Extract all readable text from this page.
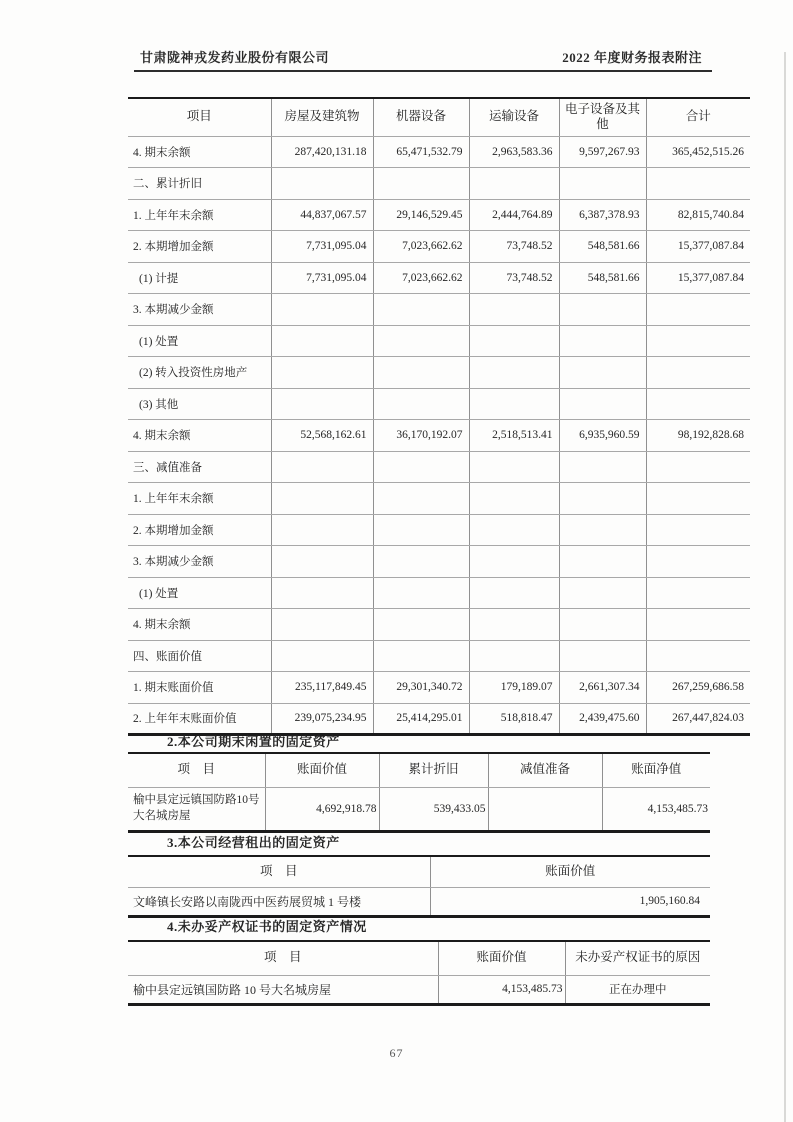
甘肃陇神戎发药业股份有限公司	2022 年度财务报表附注
项目	房屋及建筑物	机器设备	运输设备	电子设备及其他	合计
4. 期末余额	287,420,131.18	65,471,532.79	2,963,583.36	9,597,267.93	365,452,515.26
二、累计折旧					
1. 上年年末余额	44,837,067.57	29,146,529.45	2,444,764.89	6,387,378.93	82,815,740.84
2. 本期增加金额	7,731,095.04	7,023,662.62	73,748.52	548,581.66	15,377,087.84
(1) 计提	7,731,095.04	7,023,662.62	73,748.52	548,581.66	15,377,087.84
3. 本期减少金额					
(1) 处置					
(2) 转入投资性房地产					
(3) 其他					
4. 期末余额	52,568,162.61	36,170,192.07	2,518,513.41	6,935,960.59	98,192,828.68
三、减值准备					
1. 上年年末余额					
2. 本期增加金额					
3. 本期减少金额					
(1) 处置					
4. 期末余额					
四、账面价值					
1. 期末账面价值	235,117,849.45	29,301,340.72	179,189.07	2,661,307.34	267,259,686.58
2. 上年年末账面价值	239,075,234.95	25,414,295.01	518,818.47	2,439,475.60	267,447,824.03
2.本公司期末闲置的固定资产
项　目	账面价值	累计折旧	减值准备	账面净值
榆中县定远镇国防路10号大名城房屋	4,692,918.78	539,433.05		4,153,485.73
3.本公司经营租出的固定资产
项　目	账面价值
文峰镇长安路以南陇西中医药展贸城 1 号楼	1,905,160.84
4.未办妥产权证书的固定资产情况
项　目	账面价值	未办妥产权证书的原因
榆中县定远镇国防路 10 号大名城房屋	4,153,485.73	正在办理中
67
